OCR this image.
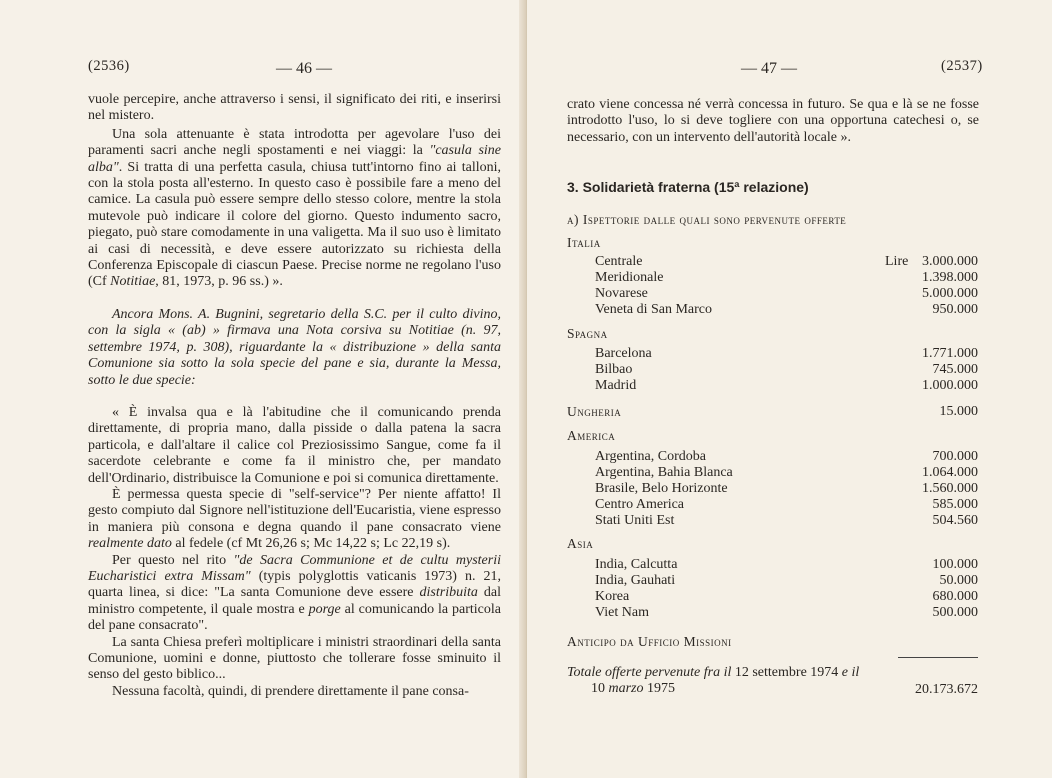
(2536)	— 46 —

vuole percepire, anche attraverso i sensi, il significato dei riti, e inserirsi nel mistero.

Una sola attenuante è stata introdotta per agevolare l'uso dei paramenti sacri anche negli spostamenti e nei viaggi: la "casula sine alba". Si tratta di una perfetta casula, chiusa tutt'intorno fino ai talloni, con la stola posta all'esterno. In questo caso è possibile fare a meno del camice. La casula può essere sempre dello stesso colore, mentre la stola mutevole può indicare il colore del giorno. Questo indumento sacro, piegato, può stare comodamente in una valigetta. Ma il suo uso è limitato ai casi di necessità, e deve essere autorizzato su richiesta della Conferenza Episcopale di ciascun Paese. Precise norme ne regolano l'uso (Cf Notitiae, 81, 1973, p. 96 ss.) ».

Ancora Mons. A. Bugnini, segretario della S.C. per il culto divino, con la sigla « (ab) » firmava una Nota corsiva su Notitiae (n. 97, settembre 1974, p. 308), riguardante la « distribuzione » della santa Comunione sia sotto la sola specie del pane e sia, durante la Messa, sotto le due specie:

« È invalsa qua e là l'abitudine che il comunicando prenda direttamente, di propria mano, dalla pisside o dalla patena la sacra particola, e dall'altare il calice col Preziosissimo Sangue, come fa il sacerdote celebrante e come fa il ministro che, per mandato dell'Ordinario, distribuisce la Comunione e poi si comunica direttamente.

È permessa questa specie di "self-service"? Per niente affatto! Il gesto compiuto dal Signore nell'istituzione dell'Eucaristia, viene espresso in maniera più consona e degna quando il pane consacrato viene realmente dato al fedele (cf Mt 26,26 s; Mc 14,22 s; Lc 22,19 s).

Per questo nel rito "de Sacra Communione et de cultu mysterii Eucharistici extra Missam" (typis polyglottis vaticanis 1973) n. 21, quarta linea, si dice: "La santa Comunione deve essere distribuita dal ministro competente, il quale mostra e porge al comunicando la particola del pane consacrato".

La santa Chiesa preferì moltiplicare i ministri straordinari della santa Comunione, uomini e donne, piuttosto che tollerare fosse sminuito il senso del gesto biblico...

Nessuna facoltà, quindi, di prendere direttamente il pane consa-

— 47 —	(2537)
crato viene concessa né verrà concessa in futuro. Se qua e là se ne fosse introdotto l'uso, lo si deve togliere con una opportuna catechesi o, se necessario, con un intervento dell'autorità locale ».
3. Solidarietà fraterna (15ª relazione)
a) Ispettorie dalle quali sono pervenute offerte
Italia
Centrale	Lire 3.000.000
Meridionale	1.398.000
Novarese	5.000.000
Veneta di San Marco	950.000
Spagna
Barcelona	1.771.000
Bilbao	745.000
Madrid	1.000.000
Ungheria	15.000
America
Argentina, Cordoba	700.000
Argentina, Bahia Blanca	1.064.000
Brasile, Belo Horizonte	1.560.000
Centro America	585.000
Stati Uniti Est	504.560
Asia
India, Calcutta	100.000
India, Gauhati	50.000
Korea	680.000
Viet Nam	500.000
Anticipo da Ufficio Missioni
Totale offerte pervenute fra il 12 settembre 1974 e il
10 marzo 1975	20.173.672
